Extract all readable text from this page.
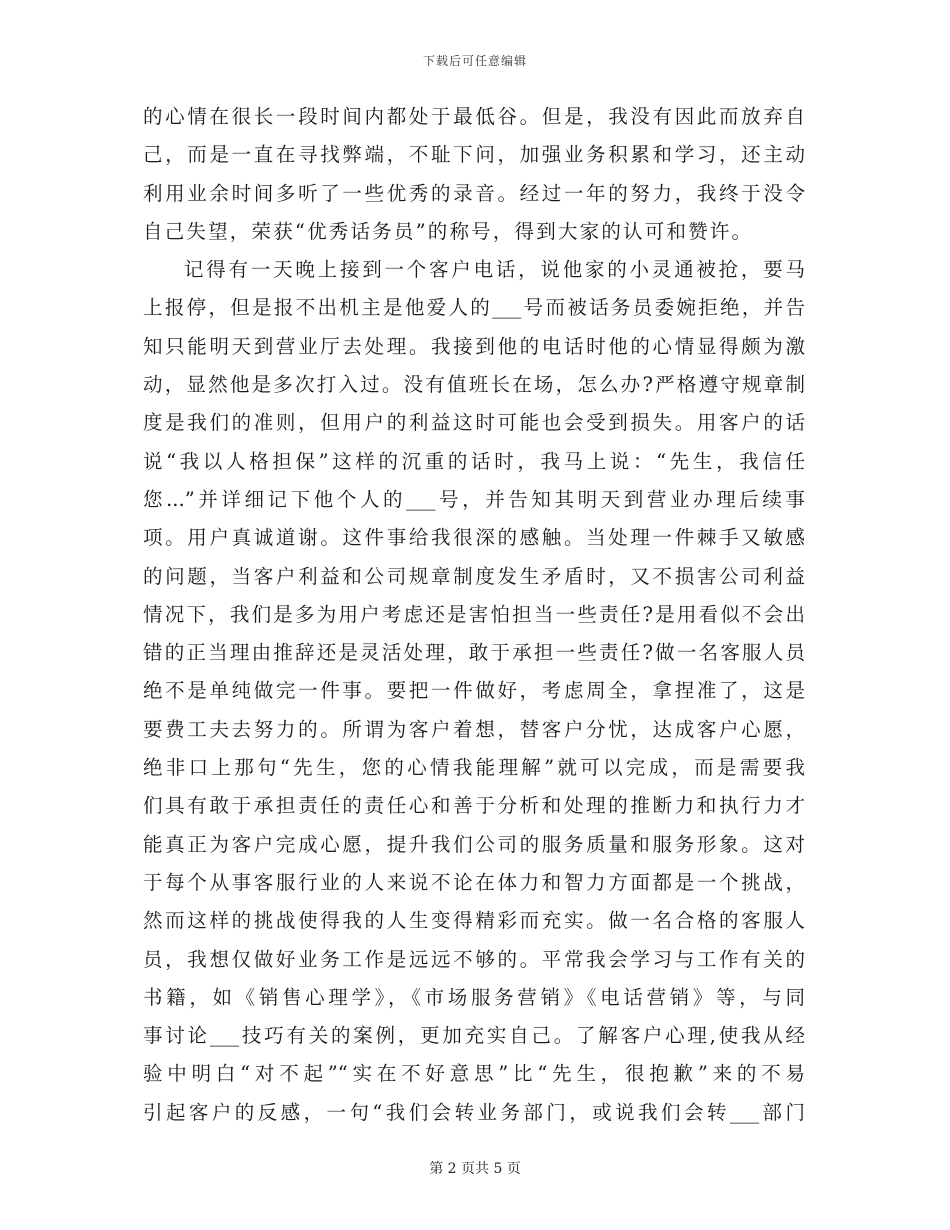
下载后可任意编辑
的心情在很长一段时间内都处于最低谷。但是，我没有因此而放弃自
己，而是一直在寻找弊端，不耻下问，加强业务积累和学习，还主动
利用业余时间多听了一些优秀的录音。经过一年的努力，我终于没令
自己失望，荣获“优秀话务员”的称号，得到大家的认可和赞许。
记得有一天晚上接到一个客户电话，说他家的小灵通被抢，要马
上报停，但是报不出机主是他爱人的___号而被话务员委婉拒绝，并告
知只能明天到营业厅去处理。我接到他的电话时他的心情显得颇为激
动，显然他是多次打入过。没有值班长在场，怎么办?严格遵守规章制
度是我们的准则，但用户的利益这时可能也会受到损失。用客户的话
说“我以人格担保”这样的沉重的话时，我马上说：“先生，我信任
您...”并详细记下他个人的___号，并告知其明天到营业办理后续事
项。用户真诚道谢。这件事给我很深的感触。当处理一件棘手又敏感
的问题，当客户利益和公司规章制度发生矛盾时，又不损害公司利益
情况下，我们是多为用户考虑还是害怕担当一些责任?是用看似不会出
错的正当理由推辞还是灵活处理，敢于承担一些责任?做一名客服人员
绝不是单纯做完一件事。要把一件做好，考虑周全，拿捏准了，这是
要费工夫去努力的。所谓为客户着想，替客户分忧，达成客户心愿，
绝非口上那句“先生，您的心情我能理解”就可以完成，而是需要我
们具有敢于承担责任的责任心和善于分析和处理的推断力和执行力才
能真正为客户完成心愿，提升我们公司的服务质量和服务形象。这对
于每个从事客服行业的人来说不论在体力和智力方面都是一个挑战，
然而这样的挑战使得我的人生变得精彩而充实。做一名合格的客服人
员，我想仅做好业务工作是远远不够的。平常我会学习与工作有关的
书籍，如《销售心理学》，《市场服务营销》《电话营销》等，与同
事讨论___技巧有关的案例，更加充实自己。了解客户心理,使我从经
验中明白“对不起”“实在不好意思”比“先生，很抱歉”来的不易
引起客户的反感，一句“我们会转业务部门，或说我们会转___部门
第 2 页共 5 页
